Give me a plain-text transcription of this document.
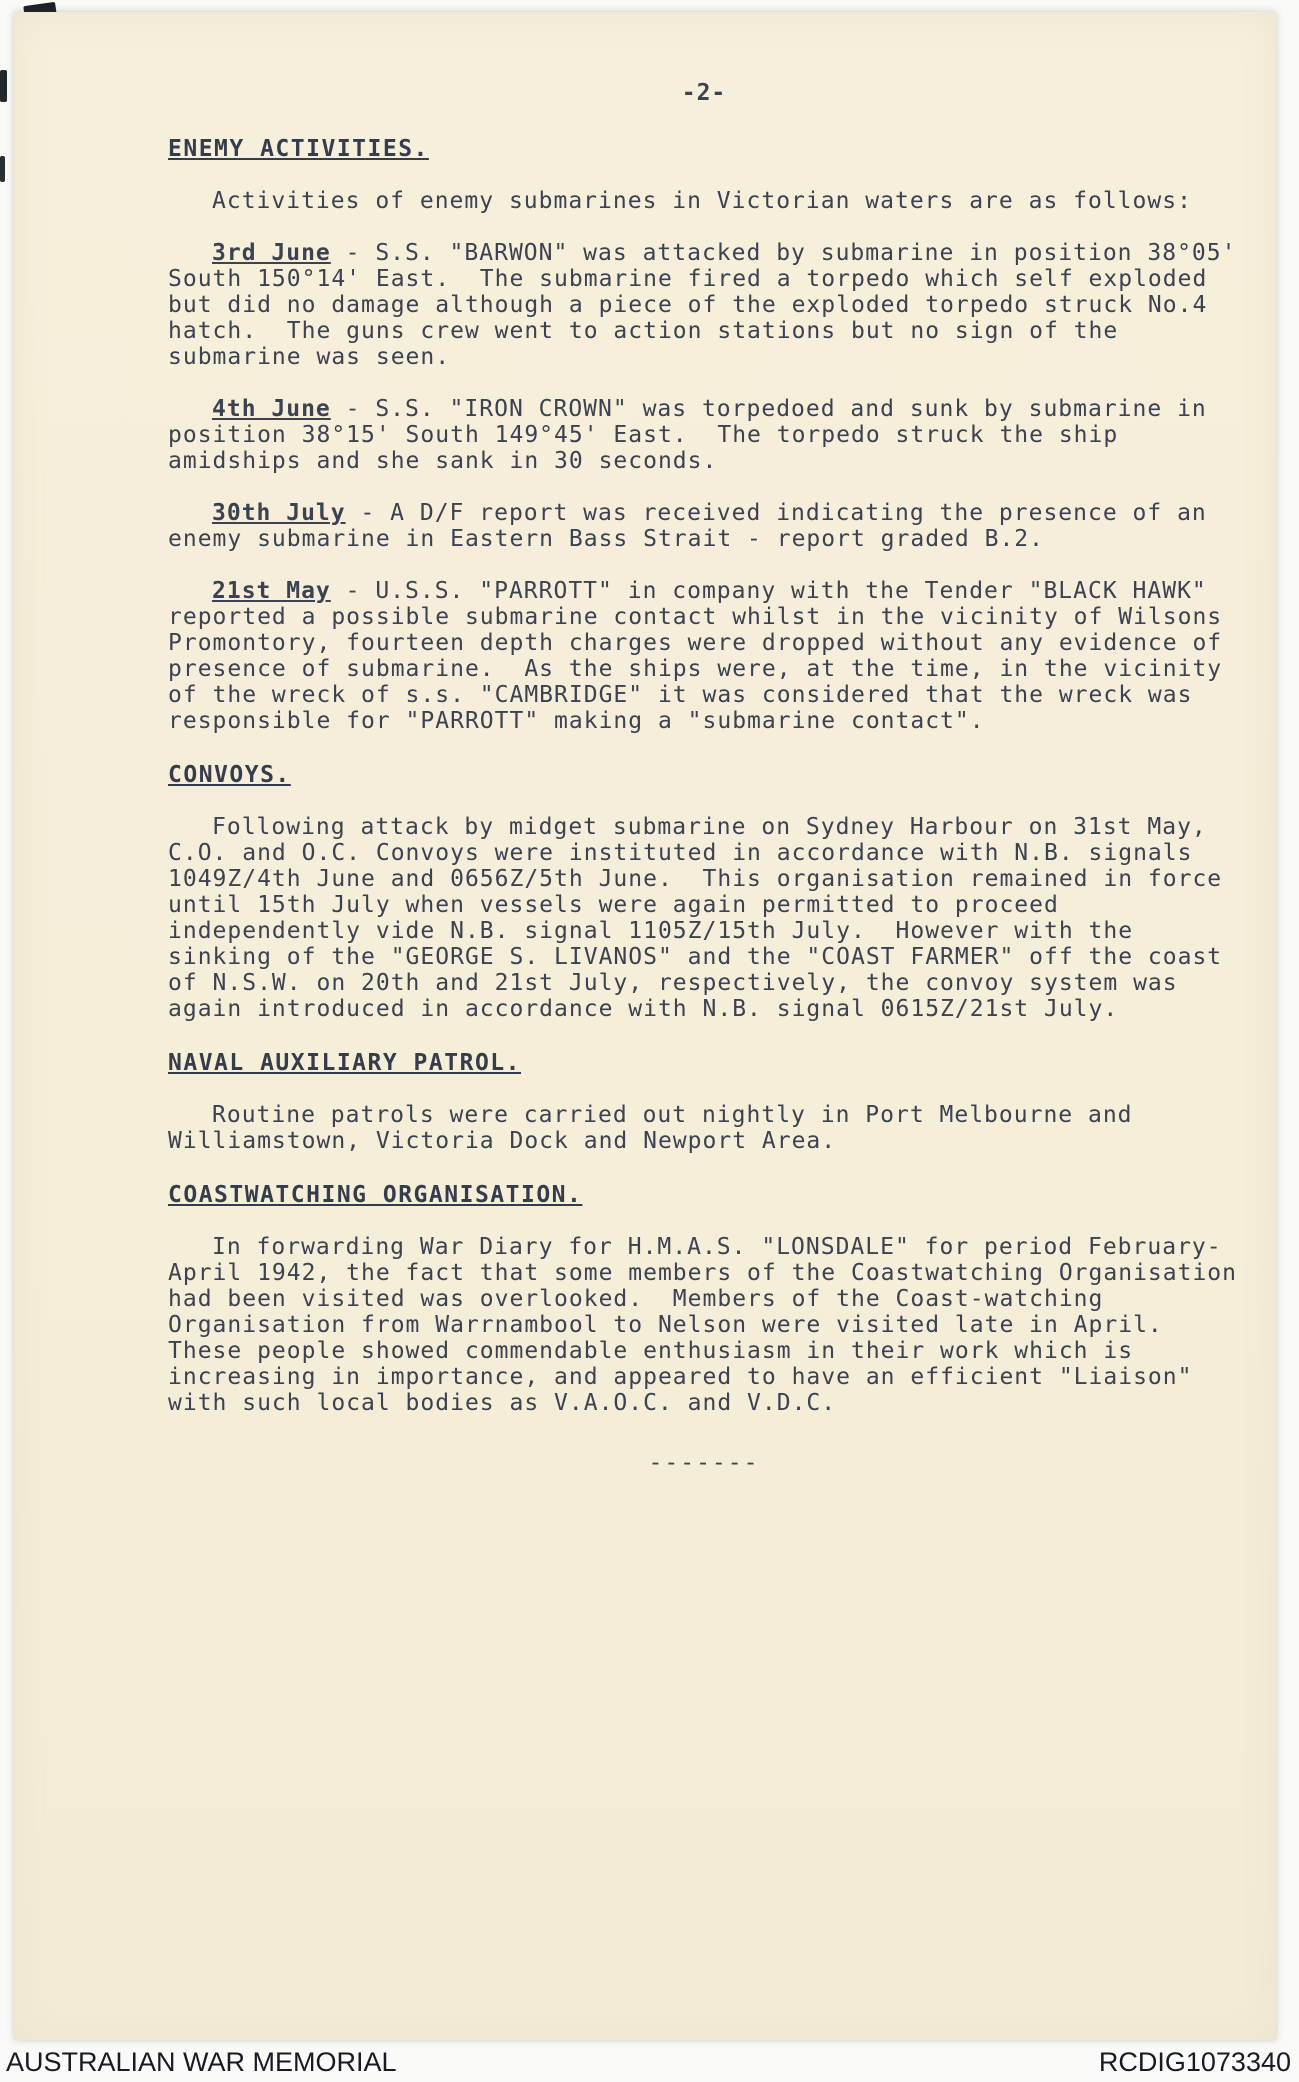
-2-
ENEMY ACTIVITIES.

Activities of enemy submarines in Victorian waters are as follows:

3rd June - S.S. "BARWON" was attacked by submarine in position 38°05' South 150°14' East.  The submarine fired a torpedo which self exploded but did no damage although a piece of the exploded torpedo struck No.4 hatch.  The guns crew went to action stations but no sign of the submarine was seen.

4th June - S.S. "IRON CROWN" was torpedoed and sunk by submarine in position 38°15' South 149°45' East.  The torpedo struck the ship amidships and she sank in 30 seconds.

30th July - A D/F report was received indicating the presence of an enemy submarine in Eastern Bass Strait - report graded B.2.

21st May - U.S.S. "PARROTT" in company with the Tender "BLACK HAWK" reported a possible submarine contact whilst in the vicinity of Wilsons Promontory, fourteen depth charges were dropped without any evidence of presence of submarine.  As the ships were, at the time, in the vicinity of the wreck of s.s. "CAMBRIDGE" it was considered that the wreck was responsible for "PARROTT" making a "submarine contact".

CONVOYS.

Following attack by midget submarine on Sydney Harbour on 31st May, C.O. and O.C. Convoys were instituted in accordance with N.B. signals 1049Z/4th June and 0656Z/5th June.  This organisation remained in force until 15th July when vessels were again permitted to proceed independently vide N.B. signal 1105Z/15th July.  However with the sinking of the "GEORGE S. LIVANOS" and the "COAST FARMER" off the coast of N.S.W. on 20th and 21st July, respectively, the convoy system was again introduced in accordance with N.B. signal 0615Z/21st July.

NAVAL AUXILIARY PATROL.

Routine patrols were carried out nightly in Port Melbourne and Williamstown, Victoria Dock and Newport Area.

COASTWATCHING ORGANISATION.

In forwarding War Diary for H.M.A.S. "LONSDALE" for period February-April 1942, the fact that some members of the Coastwatching Organisation had been visited was overlooked.  Members of the Coast-watching Organisation from Warrnambool to Nelson were visited late in April.  These people showed commendable enthusiasm in their work which is increasing in importance, and appeared to have an efficient "Liaison" with such local bodies as V.A.O.C. and V.D.C.

-------
AUSTRALIAN WAR MEMORIAL	RCDIG1073340
